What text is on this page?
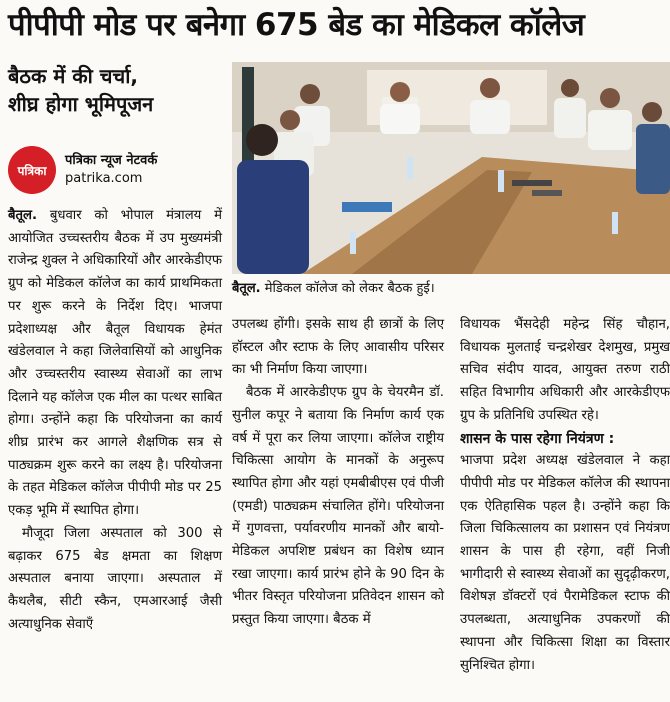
पीपीपी मोड पर बनेगा 675 बेड का मेडिकल कॉलेज
बैठक में की चर्चा,
शीघ्र होगा भूमिपूजन
पत्रिका
पत्रिका न्यूज नेटवर्क
patrika.com
बैतूल. मेडिकल कॉलेज को लेकर बैठक हुई।

बैतूल. बुधवार को भोपाल मंत्रालय में आयोजित उच्चस्तरीय बैठक में उप मुख्यमंत्री राजेन्द्र शुक्ल ने अधिकारियों और आरकेडीएफ ग्रुप को मेडिकल कॉलेज का कार्य प्राथमिकता पर शुरू करने के निर्देश दिए। भाजपा प्रदेशाध्यक्ष और बैतूल विधायक हेमंत खंडेलवाल ने कहा जिलेवासियों को आधुनिक और उच्चस्तरीय स्वास्थ्य सेवाओं का लाभ दिलाने यह कॉलेज एक मील का पत्थर साबित होगा। उन्होंने कहा कि परियोजना का कार्य शीघ्र प्रारंभ कर आगले शैक्षणिक सत्र से पाठ्यक्रम शुरू करने का लक्ष्य है। परियोजना के तहत मेडिकल कॉलेज पीपीपी मोड पर 25 एकड़ भूमि में स्थापित होगा।

मौजूदा जिला अस्पताल को 300 से बढ़ाकर 675 बेड क्षमता का शिक्षण अस्पताल बनाया जाएगा। अस्पताल में कैथलैब, सीटी स्कैन, एमआरआई जैसी अत्याधुनिक सेवाएँ

उपलब्ध होंगी। इसके साथ ही छात्रों के लिए हॉस्टल और स्टाफ के लिए आवासीय परिसर का भी निर्माण किया जाएगा।

बैठक में आरकेडीएफ ग्रुप के चेयरमैन डॉ. सुनील कपूर ने बताया कि निर्माण कार्य एक वर्ष में पूरा कर लिया जाएगा। कॉलेज राष्ट्रीय चिकित्सा आयोग के मानकों के अनुरूप स्थापित होगा और यहां एमबीबीएस एवं पीजी (एमडी) पाठ्यक्रम संचालित होंगे। परियोजना में गुणवत्ता, पर्यावरणीय मानकों और बायो-मेडिकल अपशिष्ट प्रबंधन का विशेष ध्यान रखा जाएगा। कार्य प्रारंभ होने के 90 दिन के भीतर विस्तृत परियोजना प्रतिवेदन शासन को प्रस्तुत किया जाएगा। बैठक में

विधायक भैंसदेही महेन्द्र सिंह चौहान, विधायक मुलताई चन्द्रशेखर देशमुख, प्रमुख सचिव संदीप यादव, आयुक्त तरुण राठी सहित विभागीय अधिकारी और आरकेडीएफ ग्रुप के प्रतिनिधि उपस्थित रहे।

शासन के पास रहेगा नियंत्रण :

भाजपा प्रदेश अध्यक्ष खंडेलवाल ने कहा पीपीपी मोड पर मेडिकल कॉलेज की स्थापना एक ऐतिहासिक पहल है। उन्होंने कहा कि जिला चिकित्सालय का प्रशासन एवं नियंत्रण शासन के पास ही रहेगा, वहीं निजी भागीदारी से स्वास्थ्य सेवाओं का सुदृढ़ीकरण, विशेषज्ञ डॉक्टरों एवं पैरामेडिकल स्टाफ की उपलब्धता, अत्याधुनिक उपकरणों की स्थापना और चिकित्सा शिक्षा का विस्तार सुनिश्चित होगा।
